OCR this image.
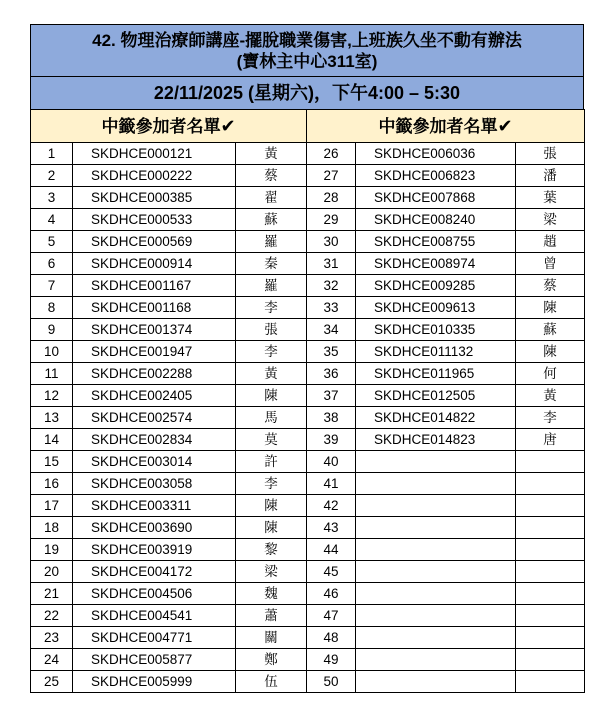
42. 物理治療師講座-擺脫職業傷害,上班族久坐不動有辦法
(寶林主中心311室)
22/11/2025 (星期六)，下午4:00 – 5:30
中籤參加者名單✔			中籤參加者名單✔		
1	SKDHCE000121	黃	26	SKDHCE006036	張
2	SKDHCE000222	蔡	27	SKDHCE006823	潘
3	SKDHCE000385	翟	28	SKDHCE007868	葉
4	SKDHCE000533	蘇	29	SKDHCE008240	梁
5	SKDHCE000569	羅	30	SKDHCE008755	趙
6	SKDHCE000914	秦	31	SKDHCE008974	曾
7	SKDHCE001167	羅	32	SKDHCE009285	蔡
8	SKDHCE001168	李	33	SKDHCE009613	陳
9	SKDHCE001374	張	34	SKDHCE010335	蘇
10	SKDHCE001947	李	35	SKDHCE011132	陳
11	SKDHCE002288	黃	36	SKDHCE011965	何
12	SKDHCE002405	陳	37	SKDHCE012505	黃
13	SKDHCE002574	馬	38	SKDHCE014822	李
14	SKDHCE002834	莫	39	SKDHCE014823	唐
15	SKDHCE003014	許	40		
16	SKDHCE003058	李	41		
17	SKDHCE003311	陳	42		
18	SKDHCE003690	陳	43		
19	SKDHCE003919	黎	44		
20	SKDHCE004172	梁	45		
21	SKDHCE004506	魏	46		
22	SKDHCE004541	蕭	47		
23	SKDHCE004771	關	48		
24	SKDHCE005877	鄭	49		
25	SKDHCE005999	伍	50		
